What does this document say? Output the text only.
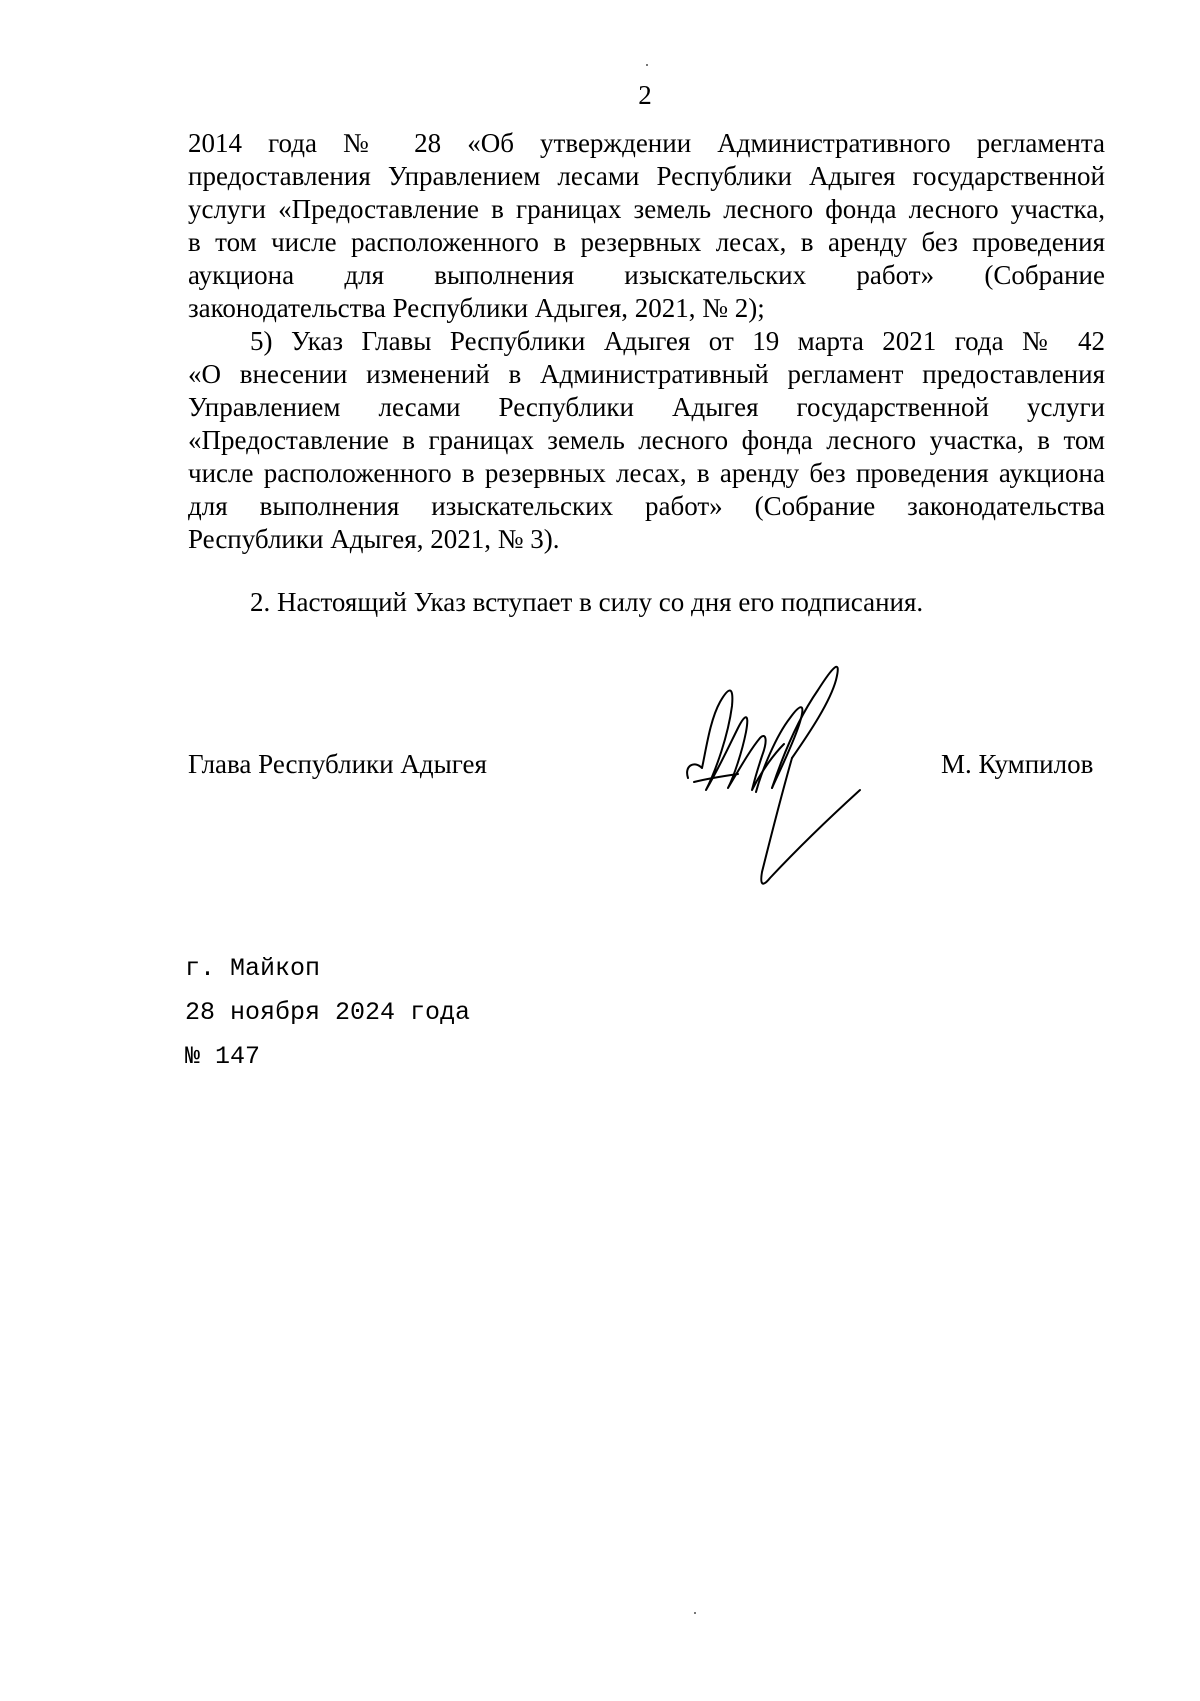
2
2014 года № 28 «Об утверждении Административного регламента
предоставления Управлением лесами Республики Адыгея государственной
услуги «Предоставление в границах земель лесного фонда лесного участка,
в том числе расположенного в резервных лесах, в аренду без проведения
аукциона для выполнения изыскательских работ» (Собрание
законодательства Республики Адыгея, 2021, № 2);
5) Указ Главы Республики Адыгея от 19 марта 2021 года № 42
«О внесении изменений в Административный регламент предоставления
Управлением лесами Республики Адыгея государственной услуги
«Предоставление в границах земель лесного фонда лесного участка, в том
числе расположенного в резервных лесах, в аренду без проведения аукциона
для выполнения изыскательских работ» (Собрание законодательства
Республики Адыгея, 2021, № 3).
2. Настоящий Указ вступает в силу со дня его подписания.
Глава Республики Адыгея	М. Кумпилов
г. Майкоп
28 ноября 2024 года
№ 147
